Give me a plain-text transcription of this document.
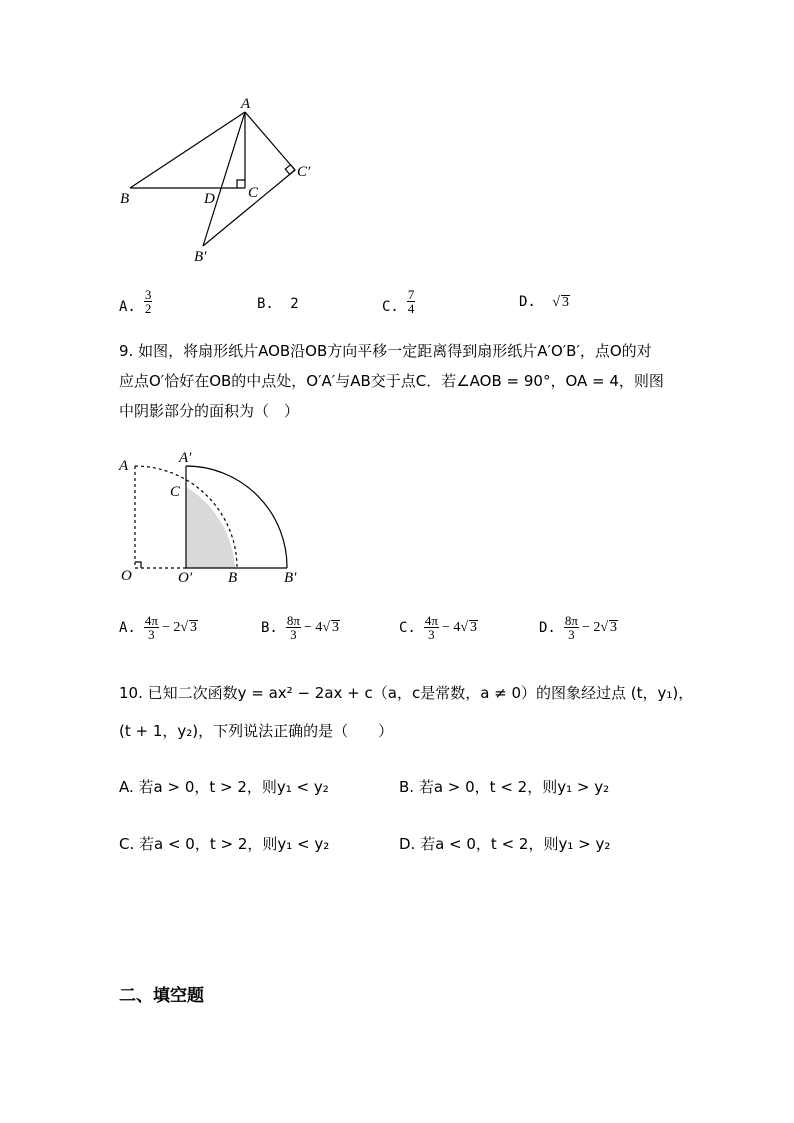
A
B	D C
C′
B′
A. $\frac{3}{2}$	B. 2	C. $\frac{7}{4}$	D. √ 3
9. 如图，将扇形纸片AOB沿OB方向平移一定距离得到扇形纸片A′O′B′，点O的对
应点O′恰好在OB的中点处，O′A′与AB交于点C．若∠AOB = 90°，OA = 4，则图
中阴影部分的面积为（　）
A	A′
C
O	O′ B	B′
A. $\frac{4\pi}{3} - 2$ √ 3	B. $\frac{8\pi}{3} - 4$ √ 3	C. $\frac{4\pi}{3} - 4$ √ 3	D. $\frac{8\pi}{3} - 2$ √ 3
10. 已知二次函数y = ax² − 2ax + c（a，c是常数，a ≠ 0）的图象经过点 (t，y₁)，
(t + 1，y₂)，下列说法正确的是（　　）
A. 若a > 0，t > 2，则y₁ < y₂	B. 若a > 0，t < 2，则y₁ > y₂
C. 若a < 0，t > 2，则y₁ < y₂	D. 若a < 0，t < 2，则y₁ > y₂
二、填空题
